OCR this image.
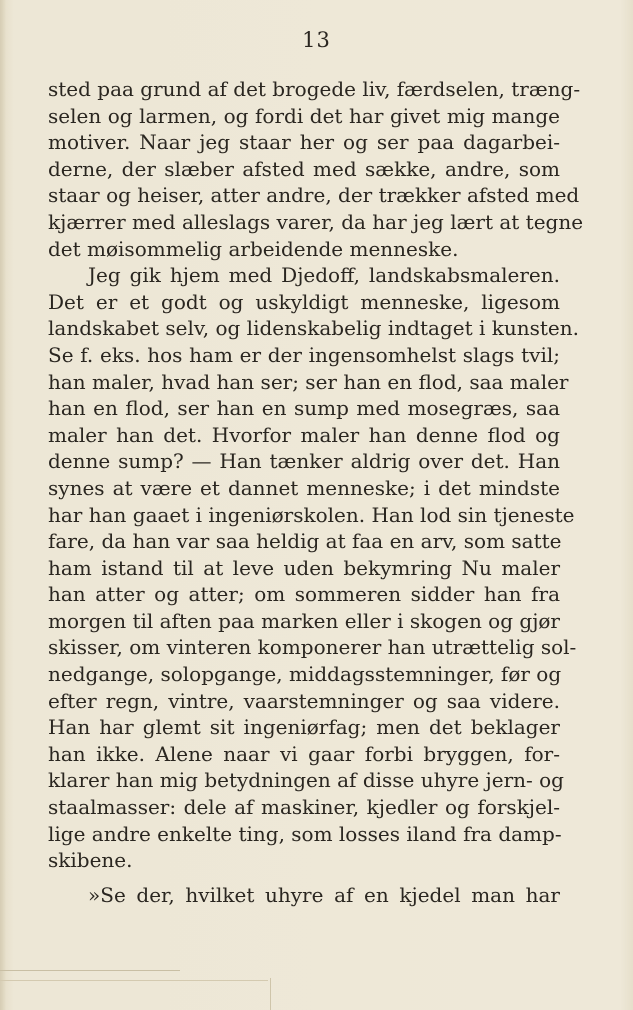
13
sted paa grund af det brogede liv, færdselen, træng-
selen og larmen, og fordi det har givet mig mange
motiver. Naar jeg staar her og ser paa dagarbei-
derne, der slæber afsted med sække, andre, som
staar og heiser, atter andre, der trækker afsted med
kjærrer med alleslags varer, da har jeg lært at tegne
det møisommelig arbeidende menneske.
Jeg gik hjem med Djedoff, landskabsmaleren.
Det er et godt og uskyldigt menneske, ligesom
landskabet selv, og lidenskabelig indtaget i kunsten.
Se f. eks. hos ham er der ingensomhelst slags tvil;
han maler, hvad han ser; ser han en flod, saa maler
han en flod, ser han en sump med mosegræs, saa
maler han det. Hvorfor maler han denne flod og
denne sump? — Han tænker aldrig over det. Han
synes at være et dannet menneske; i det mindste
har han gaaet i ingeniørskolen. Han lod sin tjeneste
fare, da han var saa heldig at faa en arv, som satte
ham istand til at leve uden bekymring Nu maler
han atter og atter; om sommeren sidder han fra
morgen til aften paa marken eller i skogen og gjør
skisser, om vinteren komponerer han utrættelig sol-
nedgange, solopgange, middagsstemninger, før og
efter regn, vintre, vaarstemninger og saa videre.
Han har glemt sit ingeniørfag; men det beklager
han ikke. Alene naar vi gaar forbi bryggen, for-
klarer han mig betydningen af disse uhyre jern- og
staalmasser: dele af maskiner, kjedler og forskjel-
lige andre enkelte ting, som losses iland fra damp-
skibene.
»Se der, hvilket uhyre af en kjedel man har
